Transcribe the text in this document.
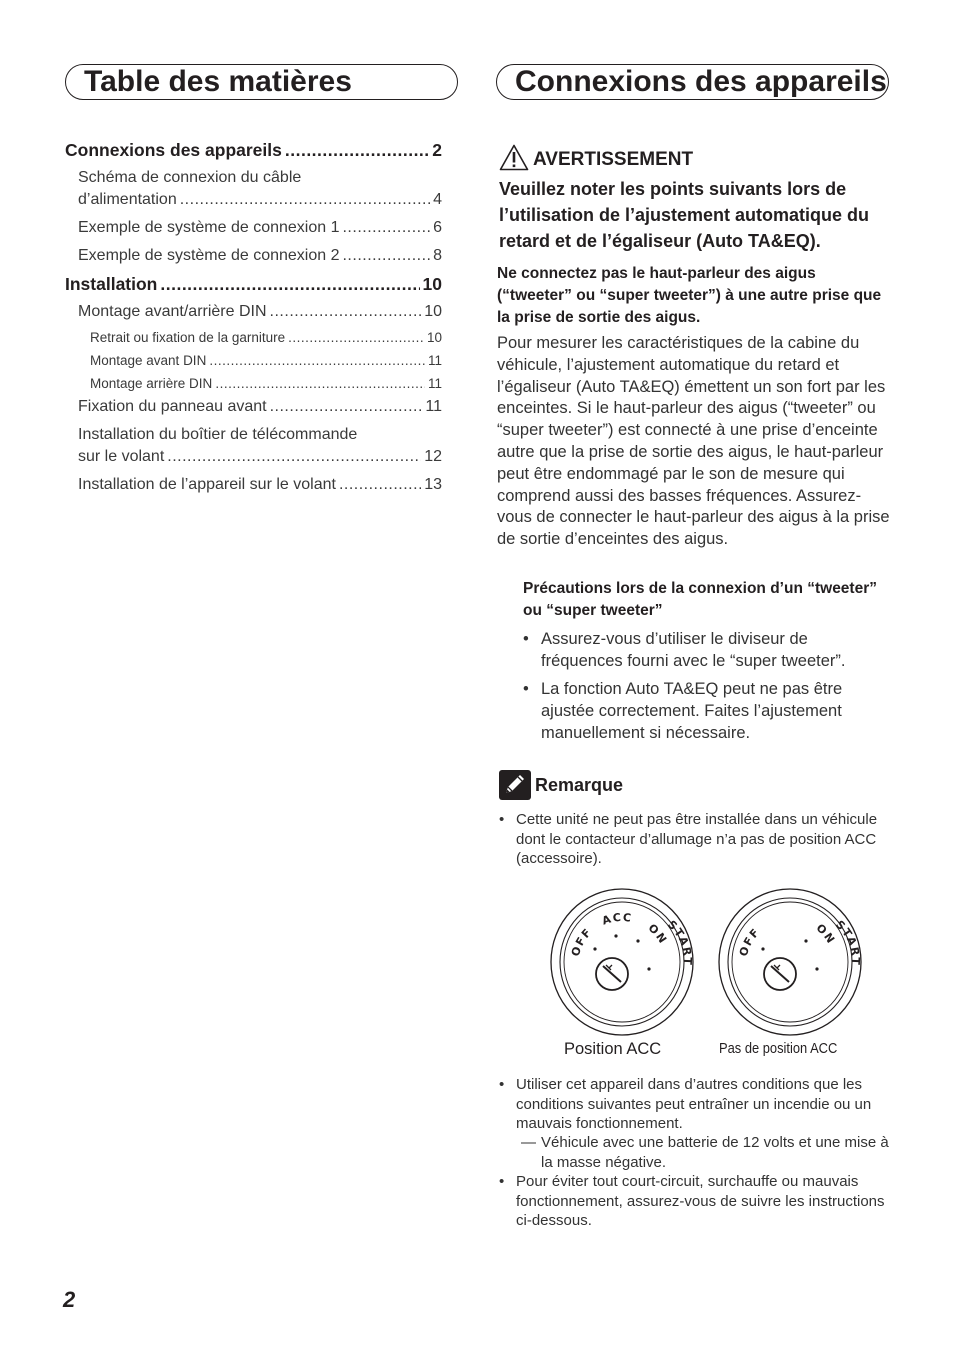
Table des matières	Connexions des appareils
Connexions des appareils .....	2
Schéma de connexion du câble
d’alimentation .....	4
Exemple de système de connexion 1 .....	6
Exemple de système de connexion 2 .....	8
Installation .....	10
Montage avant/arrière DIN .....	10
Retrait ou fixation de la garniture .....	10
Montage avant DIN .....	11
Montage arrière DIN .....	11
Fixation du panneau avant .....	11
Installation du boîtier de télécommande
sur le volant .....	12
Installation de l’appareil sur le volant .....	13
AVERTISSEMENT
Veuillez noter les points suivants lors de l’utilisation de l’ajustement automatique du retard et de l’égaliseur (Auto TA&EQ).
Ne connectez pas le haut-parleur des aigus (“tweeter” ou “super tweeter”) à une autre prise que la prise de sortie des aigus.
Pour mesurer les caractéristiques de la cabine du véhicule, l’ajustement automatique du retard et l’égaliseur (Auto TA&EQ) émettent un son fort par les enceintes. Si le haut-parleur des aigus (“tweeter” ou “super tweeter”) est connecté à une prise d’enceinte autre que la prise de sortie des aigus, le haut-parleur peut être endommagé par le son de mesure qui comprend aussi des basses fréquences. Assurez-vous de connecter le haut-parleur des aigus à la prise de sortie d’enceintes des aigus.
Précautions lors de la connexion d’un “tweeter” ou “super tweeter”
• Assurez-vous d’utiliser le diviseur de fréquences fourni avec le “super tweeter”.
• La fonction Auto TA&EQ peut ne pas être ajustée correctement. Faites l’ajustement manuellement si nécessaire.
Remarque
• Cette unité ne peut pas être installée dans un véhicule dont le contacteur d’allumage n’a pas de position ACC (accessoire).
OFF
ACC
ON
START
OFF	ON
START
Position ACC	Pas de position ACC
• Utiliser cet appareil dans d’autres conditions que les conditions suivantes peut entraîner un incendie ou un mauvais fonctionnement.
— Véhicule avec une batterie de 12 volts et une mise à la masse négative.
• Pour éviter tout court-circuit, surchauffe ou mauvais fonctionnement, assurez-vous de suivre les instructions ci-dessous.
2
